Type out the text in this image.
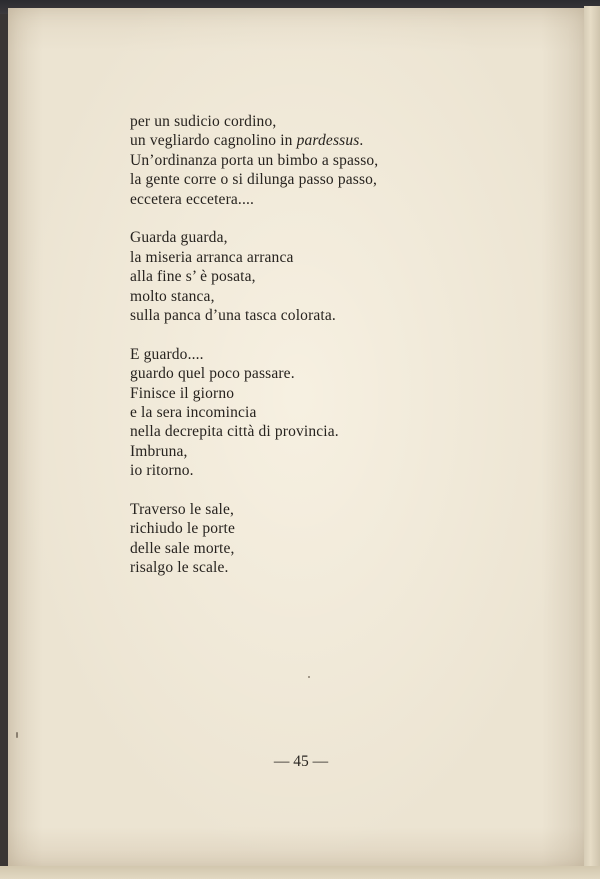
per un sudicio cordino,
un vegliardo cagnolino in pardessus.
Un’ordinanza porta un bimbo a spasso,
la gente corre o si dilunga passo passo,
eccetera eccetera....

Guarda guarda,
la miseria arranca arranca
alla fine s’ è posata,
molto stanca,
sulla panca d’una tasca colorata.

E guardo....
guardo quel poco passare.
Finisce il giorno
e la sera incomincia
nella decrepita città di provincia.
Imbruna,
io ritorno.

Traverso le sale,
richiudo le porte
delle sale morte,
risalgo le scale.

— 45 —
